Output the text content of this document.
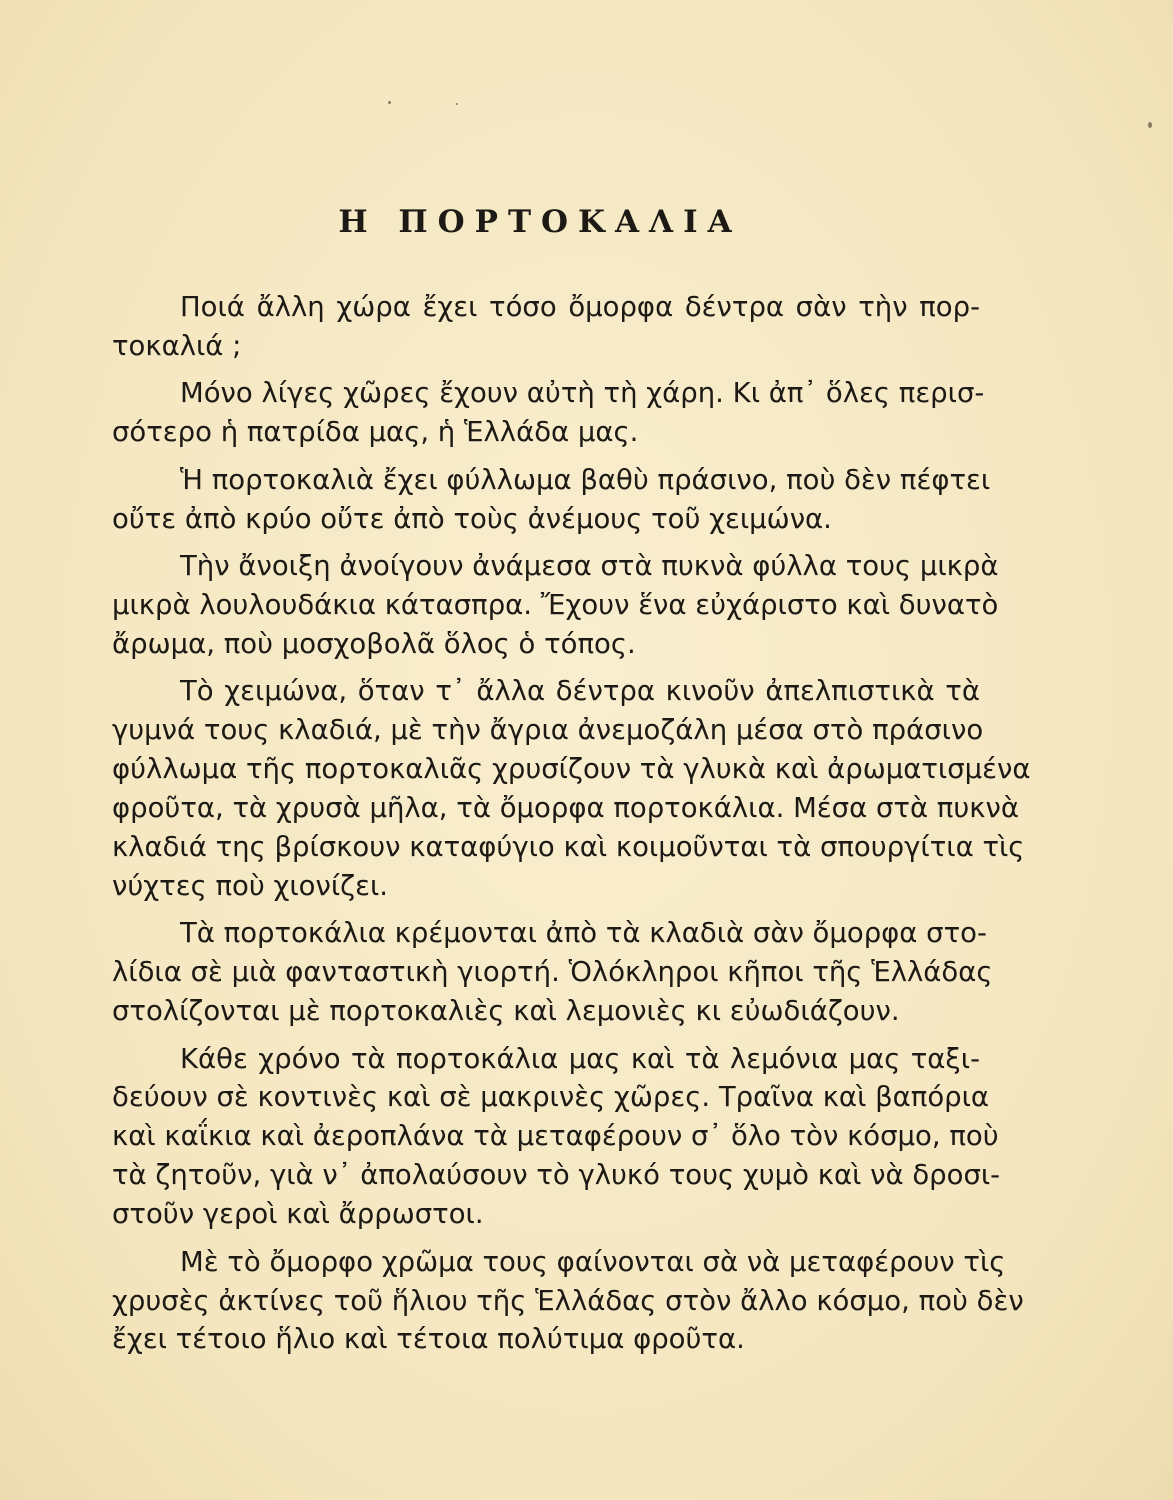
Η ΠΟΡΤΟΚΑΛΙΑ

Ποιά ἄλλη χώρα ἔχει τόσο ὄμορφα δέντρα σὰν τὴν πορ-
τοκαλιά ;

Μόνο λίγες χῶρες ἔχουν αὐτὴ τὴ χάρη. Κι ἀπ᾿ ὅλες περισ-
σότερο ἡ πατρίδα μας, ἡ Ἑλλάδα μας.

Ἡ πορτοκαλιὰ ἔχει φύλλωμα βαθὺ πράσινο, ποὺ δὲν πέφτει
οὔτε ἀπὸ κρύο οὔτε ἀπὸ τοὺς ἀνέμους τοῦ χειμώνα.

Τὴν ἄνοιξη ἀνοίγουν ἀνάμεσα στὰ πυκνὰ φύλλα τους μικρὰ
μικρὰ λουλουδάκια κάτασπρα. Ἔχουν ἕνα εὐχάριστο καὶ δυνατὸ
ἄρωμα, ποὺ μοσχοβολᾶ ὅλος ὁ τόπος.

Τὸ χειμώνα, ὅταν τ᾿ ἄλλα δέντρα κινοῦν ἀπελπιστικὰ τὰ
γυμνά τους κλαδιά, μὲ τὴν ἄγρια ἀνεμοζάλη μέσα στὸ πράσινο
φύλλωμα τῆς πορτοκαλιᾶς χρυσίζουν τὰ γλυκὰ καὶ ἀρωματισμένα
φροῦτα, τὰ χρυσὰ μῆλα, τὰ ὄμορφα πορτοκάλια. Μέσα στὰ πυκνὰ
κλαδιά της βρίσκουν καταφύγιο καὶ κοιμοῦνται τὰ σπουργίτια τὶς
νύχτες ποὺ χιονίζει.

Τὰ πορτοκάλια κρέμονται ἀπὸ τὰ κλαδιὰ σὰν ὄμορφα στο-
λίδια σὲ μιὰ φανταστικὴ γιορτή. Ὁλόκληροι κῆποι τῆς Ἑλλάδας
στολίζονται μὲ πορτοκαλιὲς καὶ λεμονιὲς κι εὐωδιάζουν.

Κάθε χρόνο τὰ πορτοκάλια μας καὶ τὰ λεμόνια μας ταξι-
δεύουν σὲ κοντινὲς καὶ σὲ μακρινὲς χῶρες. Τραῖνα καὶ βαπόρια
καὶ καΐκια καὶ ἀεροπλάνα τὰ μεταφέρουν σ᾿ ὅλο τὸν κόσμο, ποὺ
τὰ ζητοῦν, γιὰ ν᾿ ἀπολαύσουν τὸ γλυκό τους χυμὸ καὶ νὰ δροσι-
στοῦν γεροὶ καὶ ἄρρωστοι.

Μὲ τὸ ὄμορφο χρῶμα τους φαίνονται σὰ νὰ μεταφέρουν τὶς
χρυσὲς ἀκτίνες τοῦ ἥλιου τῆς Ἑλλάδας στὸν ἄλλο κόσμο, ποὺ δὲν
ἔχει τέτοιο ἥλιο καὶ τέτοια πολύτιμα φροῦτα.
